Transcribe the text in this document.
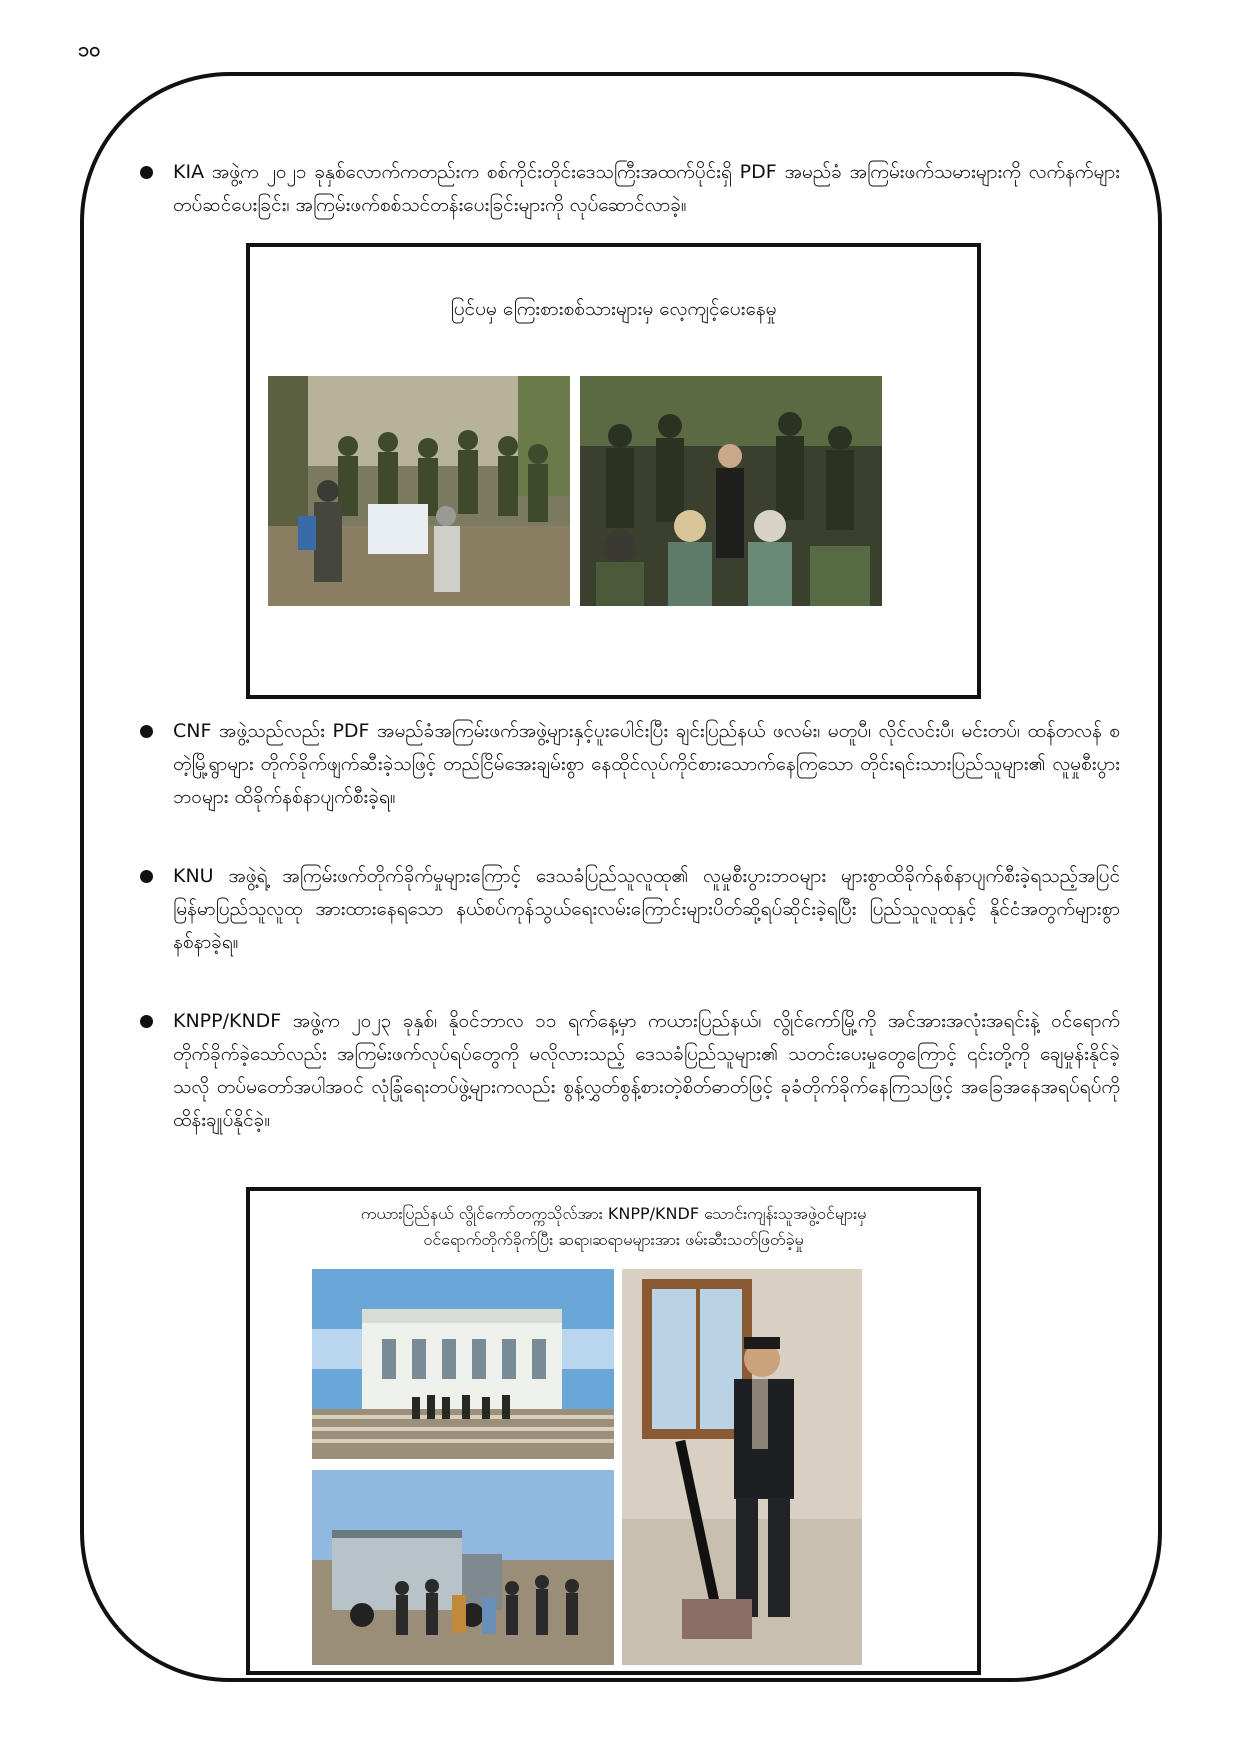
၁၀
KIA အဖွဲ့က ၂၀၂၁ ခုနှစ်လောက်ကတည်းက စစ်ကိုင်းတိုင်းဒေသကြီးအထက်ပိုင်းရှိ PDF အမည်ခံ အကြမ်းဖက်သမားများကို လက်နက်များ တပ်ဆင်ပေးခြင်း၊ အကြမ်းဖက်စစ်သင်တန်းပေးခြင်းများကို လုပ်ဆောင်လာခဲ့။
ပြင်ပမှ ကြေးစားစစ်သားများမှ လေ့ကျင့်ပေးနေမှု
CNF အဖွဲ့သည်လည်း PDF အမည်ခံအကြမ်းဖက်အဖွဲ့များနှင့်ပူးပေါင်းပြီး ချင်းပြည်နယ် ဖလမ်း၊ မတူပီ၊ လိုင်လင်းပီ၊ မင်းတပ်၊ ထန်တလန် စတဲ့မြို့ရွာများ တိုက်ခိုက်ဖျက်ဆီးခဲ့သဖြင့် တည်ငြိမ်အေးချမ်းစွာ နေထိုင်လုပ်ကိုင်စားသောက်နေကြသော တိုင်းရင်းသားပြည်သူများ၏ လူမှုစီးပွားဘဝများ ထိခိုက်နစ်နာပျက်စီးခဲ့ရ။
KNU အဖွဲ့ရဲ့ အကြမ်းဖက်တိုက်ခိုက်မှုများကြောင့် ဒေသခံပြည်သူလူထု၏ လူမှုစီးပွားဘဝများ များစွာထိခိုက်နစ်နာပျက်စီးခဲ့ရသည့်အပြင် မြန်မာပြည်သူလူထု အားထားနေရသော နယ်စပ်ကုန်သွယ်ရေးလမ်းကြောင်းများပိတ်ဆို့ရပ်ဆိုင်းခဲ့ရပြီး ပြည်သူလူထုနှင့် နိုင်ငံအတွက်များစွာ နစ်နာခဲ့ရ။
KNPP/KNDF အဖွဲ့က ၂၀၂၃ ခုနှစ်၊ နိုဝင်ဘာလ ၁၁ ရက်နေ့မှာ ကယားပြည်နယ်၊ လွိုင်ကော်မြို့ကို အင်အားအလုံးအရင်းနဲ့ ဝင်ရောက်တိုက်ခိုက်ခဲ့သော်လည်း အကြမ်းဖက်လုပ်ရပ်တွေကို မလိုလားသည့် ဒေသခံပြည်သူများ၏ သတင်းပေးမှုတွေကြောင့် ၎င်းတို့ကို ချေမှုန်းနိုင်ခဲ့သလို တပ်မတော်အပါအဝင် လုံခြုံရေးတပ်ဖွဲ့များကလည်း စွန့်လွှတ်စွန့်စားတဲ့စိတ်ဓာတ်ဖြင့် ခုခံတိုက်ခိုက်နေကြသဖြင့် အခြေအနေအရပ်ရပ်ကို ထိန်းချုပ်နိုင်ခဲ့။
ကယားပြည်နယ် လွိုင်ကော်တက္ကသိုလ်အား KNPP/KNDF သောင်းကျန်းသူအဖွဲ့ဝင်များမှ
ဝင်ရောက်တိုက်ခိုက်ပြီး ဆရာ၊ဆရာမများအား ဖမ်းဆီးသတ်ဖြတ်ခဲ့မှု
